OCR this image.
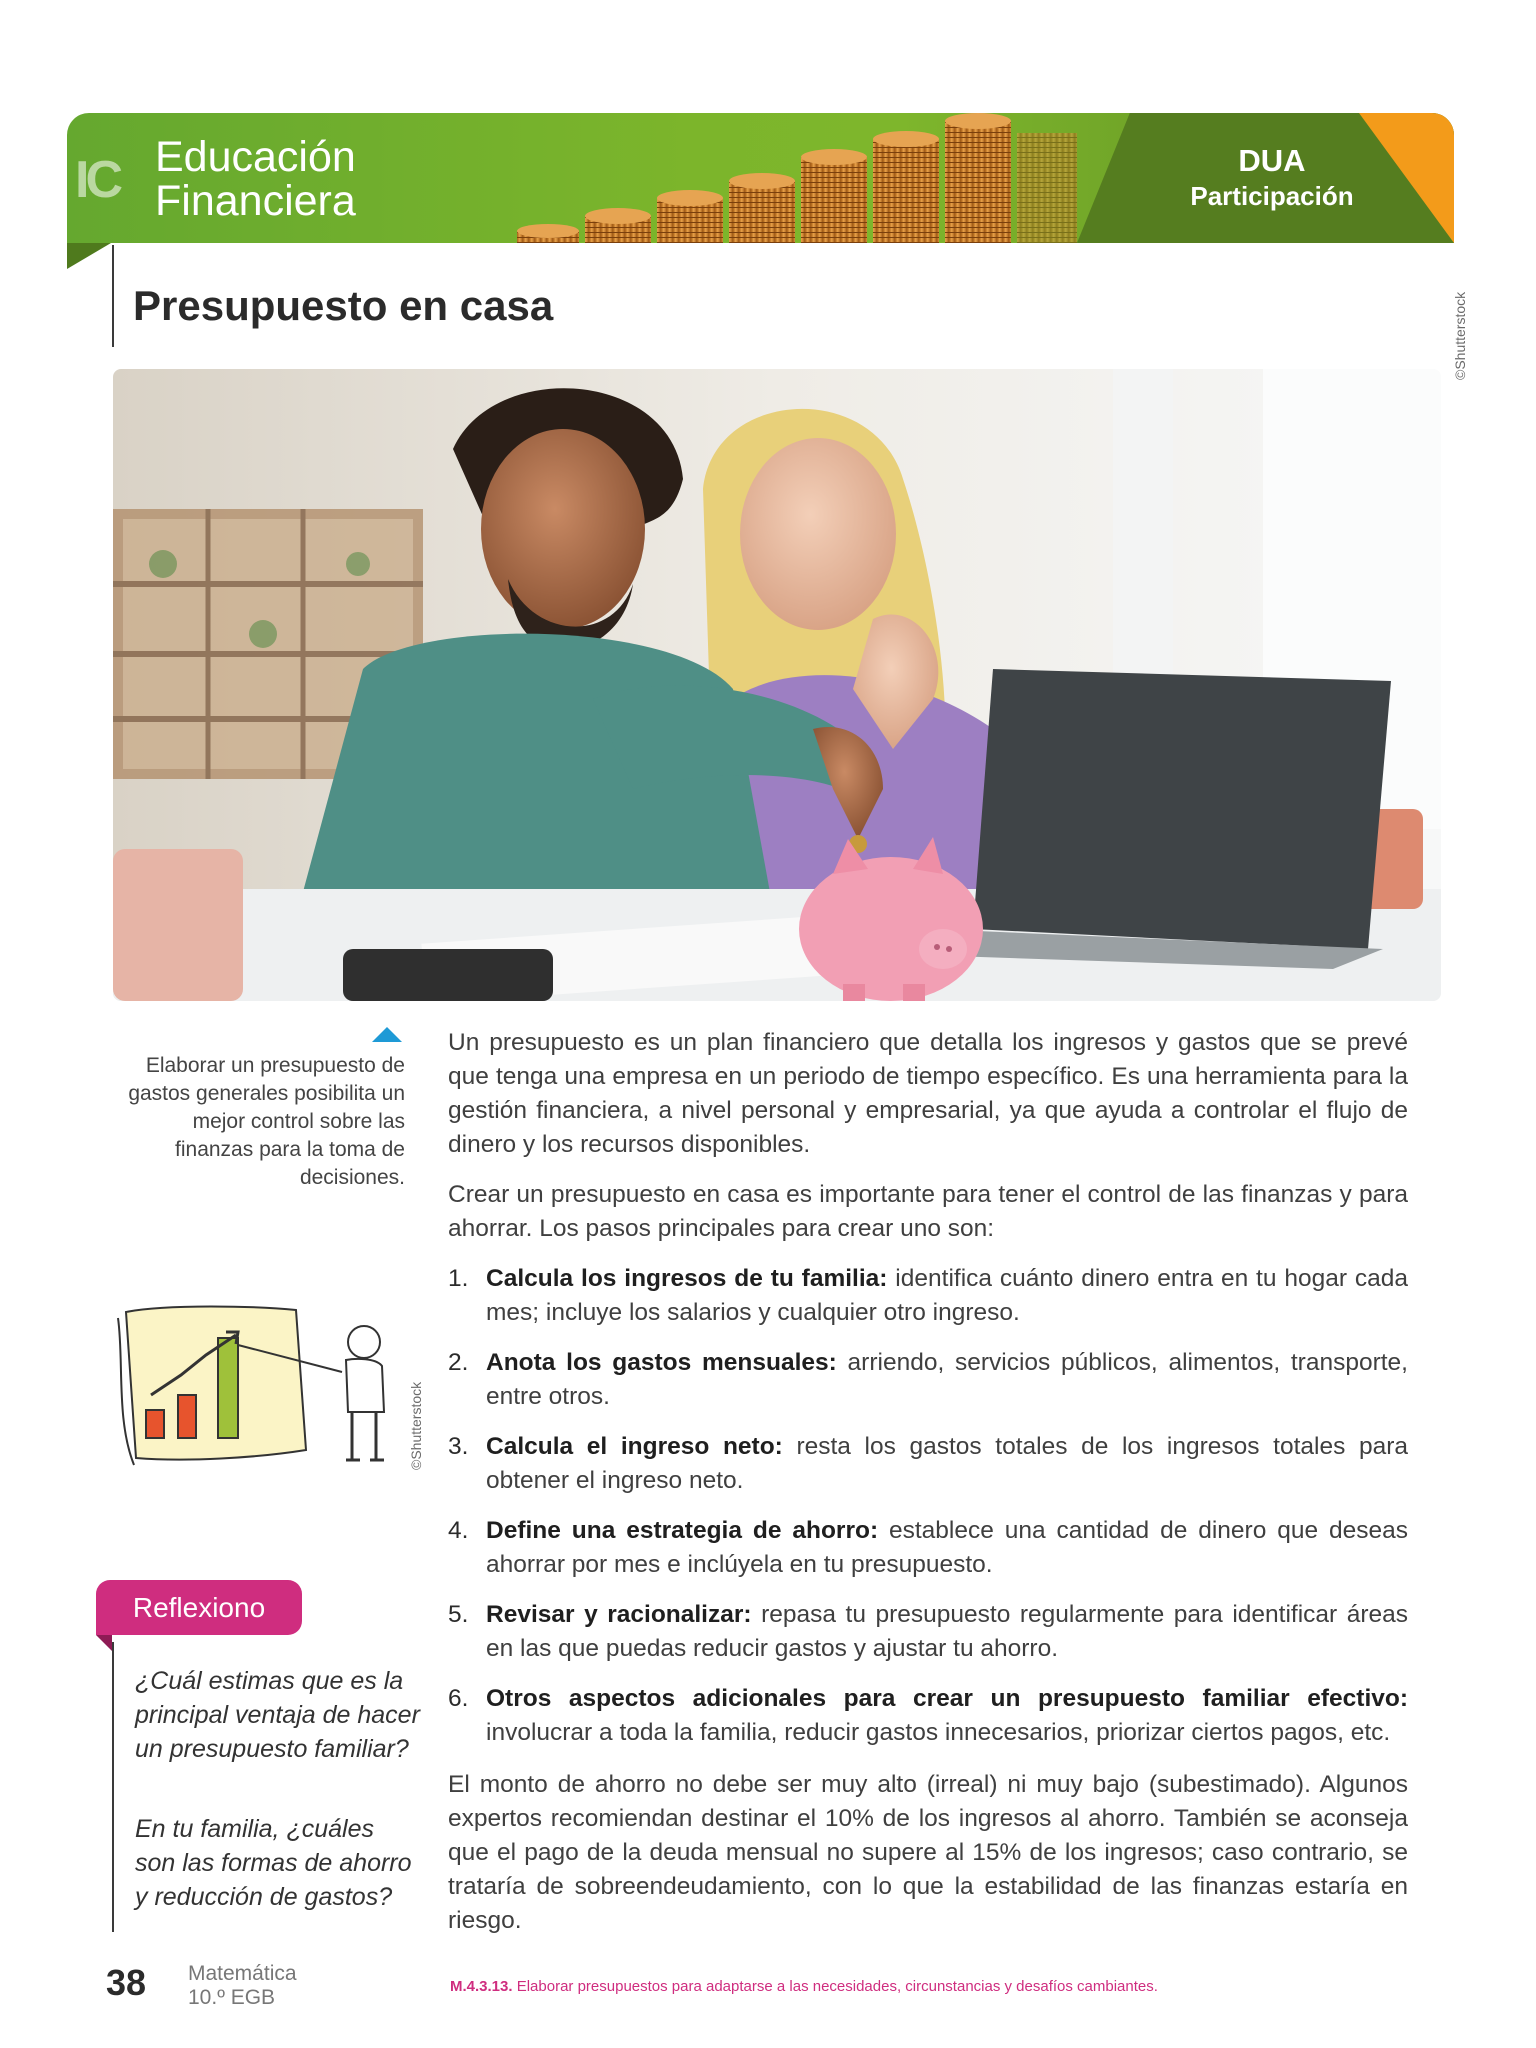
IC Educación
Financiera
DUA
Participación
Presupuesto en casa	©Shutterstock
Elaborar un presupuesto de gastos generales posibilita un mejor control sobre las finanzas para la toma de decisiones.
©Shutterstock
Reflexiono
¿Cuál estimas que es la principal ventaja de hacer un presupuesto familiar?
En tu familia, ¿cuáles son las formas de ahorro y reducción de gastos?
Un presupuesto es un plan financiero que detalla los ingresos y gastos que se prevé que tenga una empresa en un periodo de tiempo específico. Es una herramienta para la gestión financiera, a nivel personal y empresarial, ya que ayuda a controlar el flujo de dinero y los recursos disponibles.
Crear un presupuesto en casa es importante para tener el control de las finanzas y para ahorrar. Los pasos principales para crear uno son:
1. Calcula los ingresos de tu familia: identifica cuánto dinero entra en tu hogar cada mes; incluye los salarios y cualquier otro ingreso.
2. Anota los gastos mensuales: arriendo, servicios públicos, alimentos, transporte, entre otros.
3. Calcula el ingreso neto: resta los gastos totales de los ingresos totales para obtener el ingreso neto.
4. Define una estrategia de ahorro: establece una cantidad de dinero que deseas ahorrar por mes e inclúyela en tu presupuesto.
5. Revisar y racionalizar: repasa tu presupuesto regularmente para identificar áreas en las que puedas reducir gastos y ajustar tu ahorro.
6. Otros aspectos adicionales para crear un presupuesto familiar efectivo: involucrar a toda la familia, reducir gastos innecesarios, priorizar ciertos pagos, etc.
El monto de ahorro no debe ser muy alto (irreal) ni muy bajo (subestimado). Algunos expertos recomiendan destinar el 10% de los ingresos al ahorro. También se aconseja que el pago de la deuda mensual no supere al 15% de los ingresos; caso contrario, se trataría de sobreendeudamiento, con lo que la estabilidad de las finanzas estaría en riesgo.
38 Matemática
10.º EGB	M.4.3.13. Elaborar presupuestos para adaptarse a las necesidades, circunstancias y desafíos cambiantes.
